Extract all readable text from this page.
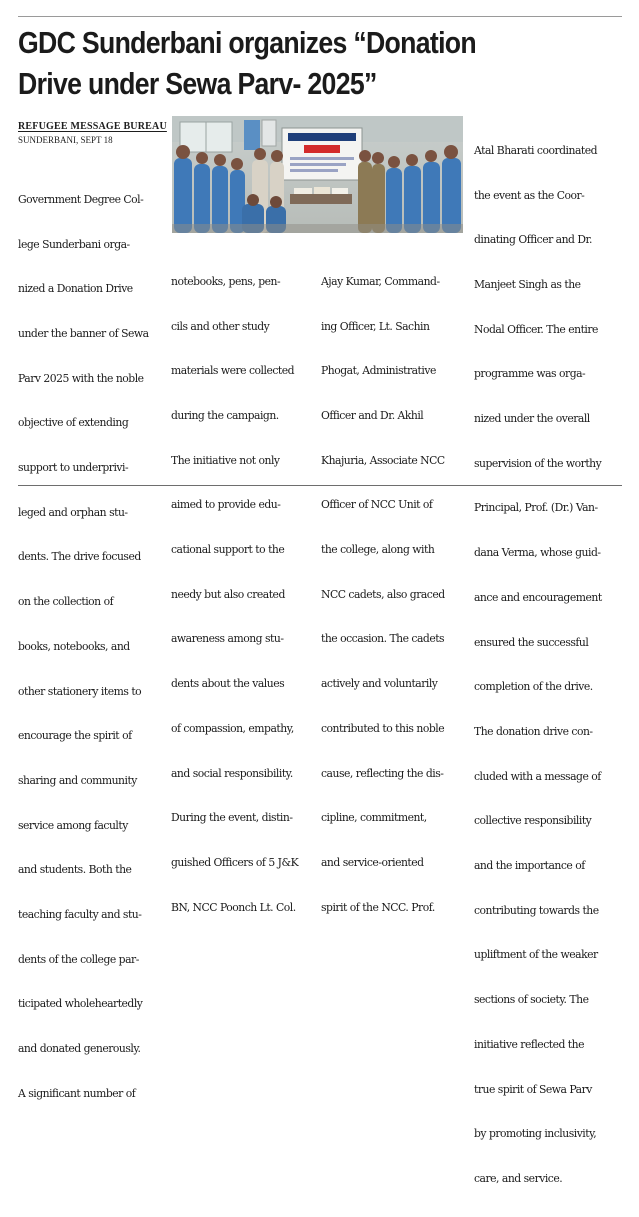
GDC Sunderbani organizes “Donation
Drive under Sewa Parv- 2025”
REFUGEE MESSAGE BUREAU
SUNDERBANI, SEPT 18

Government Degree Col-

lege Sunderbani orga-

nized a Donation Drive

under the banner of Sewa

Parv 2025 with the noble

objective of extending

support to underprivi-

leged and orphan stu-

dents. The drive focused

on the collection of

books, notebooks, and

other stationery items to

encourage the spirit of

sharing and community

service among faculty

and students. Both the

teaching faculty and stu-

dents of the college par-

ticipated wholeheartedly

and donated generously.

A significant number of

notebooks, pens, pen-

cils and other study

materials were collected

during the campaign.

The initiative not only

aimed to provide edu-

cational support to the

needy but also created

awareness among stu-

dents about the values

of compassion, empathy,

and social responsibility.

During the event, distin-

guished Officers of 5 J&K

BN, NCC Poonch Lt. Col.

Ajay Kumar, Command-

ing Officer, Lt. Sachin

Phogat, Administrative

Officer and Dr. Akhil

Khajuria, Associate NCC

Officer of NCC Unit of

the college, along with

NCC cadets, also graced

the occasion. The cadets

actively and voluntarily

contributed to this noble

cause, reflecting the dis-

cipline, commitment,

and service-oriented

spirit of the NCC. Prof.

Atal Bharati coordinated

the event as the Coor-

dinating Officer and Dr.

Manjeet Singh as the

Nodal Officer. The entire

programme was orga-

nized under the overall

supervision of the worthy

Principal, Prof. (Dr.) Van-

dana Verma, whose guid-

ance and encouragement

ensured the successful

completion of the drive.

The donation drive con-

cluded with a message of

collective responsibility

and the importance of

contributing towards the

upliftment of the weaker

sections of society. The

initiative reflected the

true spirit of Sewa Parv

by promoting inclusivity,

care, and service.
